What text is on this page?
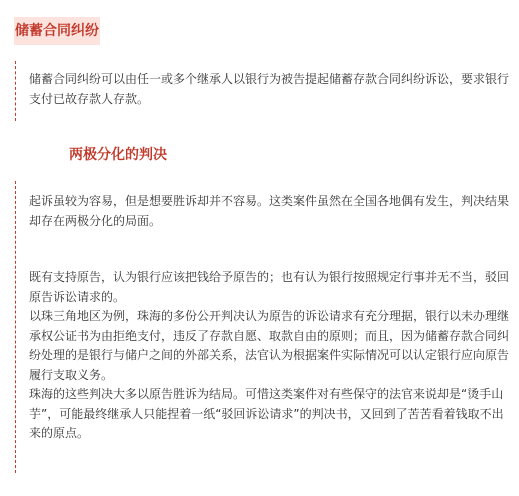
储蓄合同纠纷

储蓄合同纠纷可以由任一或多个继承人以银行为被告提起储蓄存款合同纠纷诉讼，要求银行支付已故存款人存款。

两极分化的判决

起诉虽较为容易，但是想要胜诉却并不容易。这类案件虽然在全国各地偶有发生，判决结果却存在两极分化的局面。

既有支持原告，认为银行应该把钱给予原告的；也有认为银行按照规定行事并无不当，驳回原告诉讼请求的。
以珠三角地区为例，珠海的多份公开判决认为原告的诉讼请求有充分理据，银行以未办理继承权公证书为由拒绝支付，违反了存款自愿、取款自由的原则；而且，因为储蓄存款合同纠纷处理的是银行与储户之间的外部关系，法官认为根据案件实际情况可以认定银行应向原告履行支取义务。
珠海的这些判决大多以原告胜诉为结局。可惜这类案件对有些保守的法官来说却是“烫手山芋”，可能最终继承人只能捏着一纸“驳回诉讼请求”的判决书，又回到了苦苦看着钱取不出来的原点。
